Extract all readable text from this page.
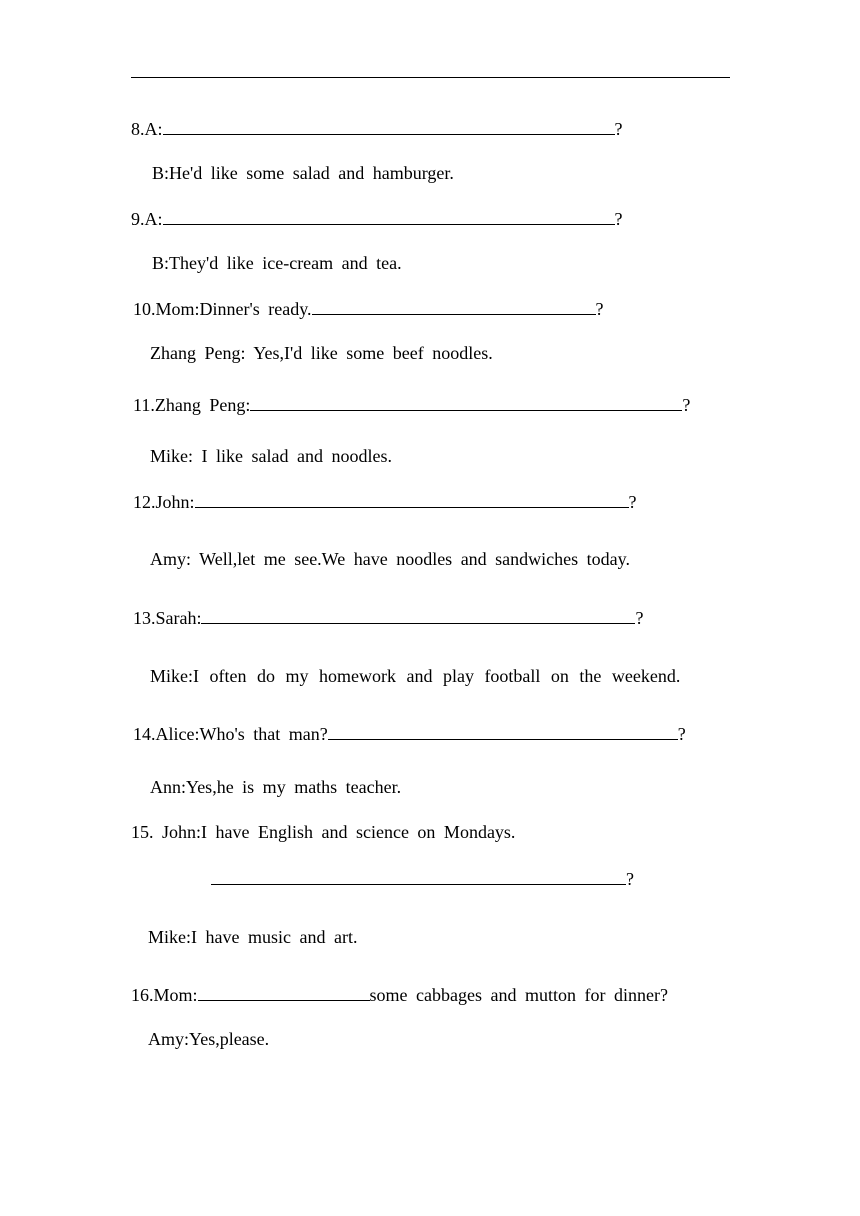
8.A:	?
B:He'd like some salad and hamburger.
9.A:	?
B:They'd like ice-cream and tea.
10.Mom:Dinner's ready.	?
Zhang Peng: Yes,I'd like some beef noodles.
11.Zhang Peng:	?
Mike: I like salad and noodles.
12.John:	?
Amy: Well,let me see.We have noodles and sandwiches today.
13.Sarah:	?
Mike:I often do my homework and play football on the weekend.
14.Alice:Who's that man?	?
Ann:Yes,he is my maths teacher.
15. John:I have English and science on Mondays.
?
Mike:I have music and art.
16.Mom:	some cabbages and mutton for dinner?
Amy:Yes,please.
